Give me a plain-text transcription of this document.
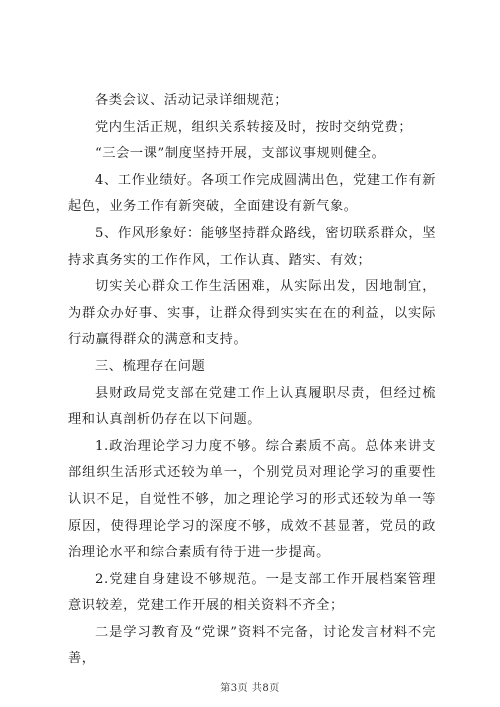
各类会议、活动记录详细规范；

党内生活正规，组织关系转接及时，按时交纳党费；

“三会一课”制度坚持开展，支部议事规则健全。

4、工作业绩好。各项工作完成圆满出色，党建工作有新起色，业务工作有新突破，全面建设有新气象。

5、作风形象好：能够坚持群众路线，密切联系群众，坚持求真务实的工作作风，工作认真、踏实、有效；

切实关心群众工作生活困难，从实际出发，因地制宜，为群众办好事、实事，让群众得到实实在在的利益，以实际行动赢得群众的满意和支持。

三、梳理存在问题

县财政局党支部在党建工作上认真履职尽责，但经过梳理和认真剖析仍存在以下问题。

1.政治理论学习力度不够。综合素质不高。总体来讲支部组织生活形式还较为单一，个别党员对理论学习的重要性认识不足，自觉性不够，加之理论学习的形式还较为单一等原因，使得理论学习的深度不够，成效不甚显著，党员的政治理论水平和综合素质有待于进一步提高。

2.党建自身建设不够规范。一是支部工作开展档案管理意识较差，党建工作开展的相关资料不齐全；

二是学习教育及“党课”资料不完备，讨论发言材料不完善，

第3页 共8页
